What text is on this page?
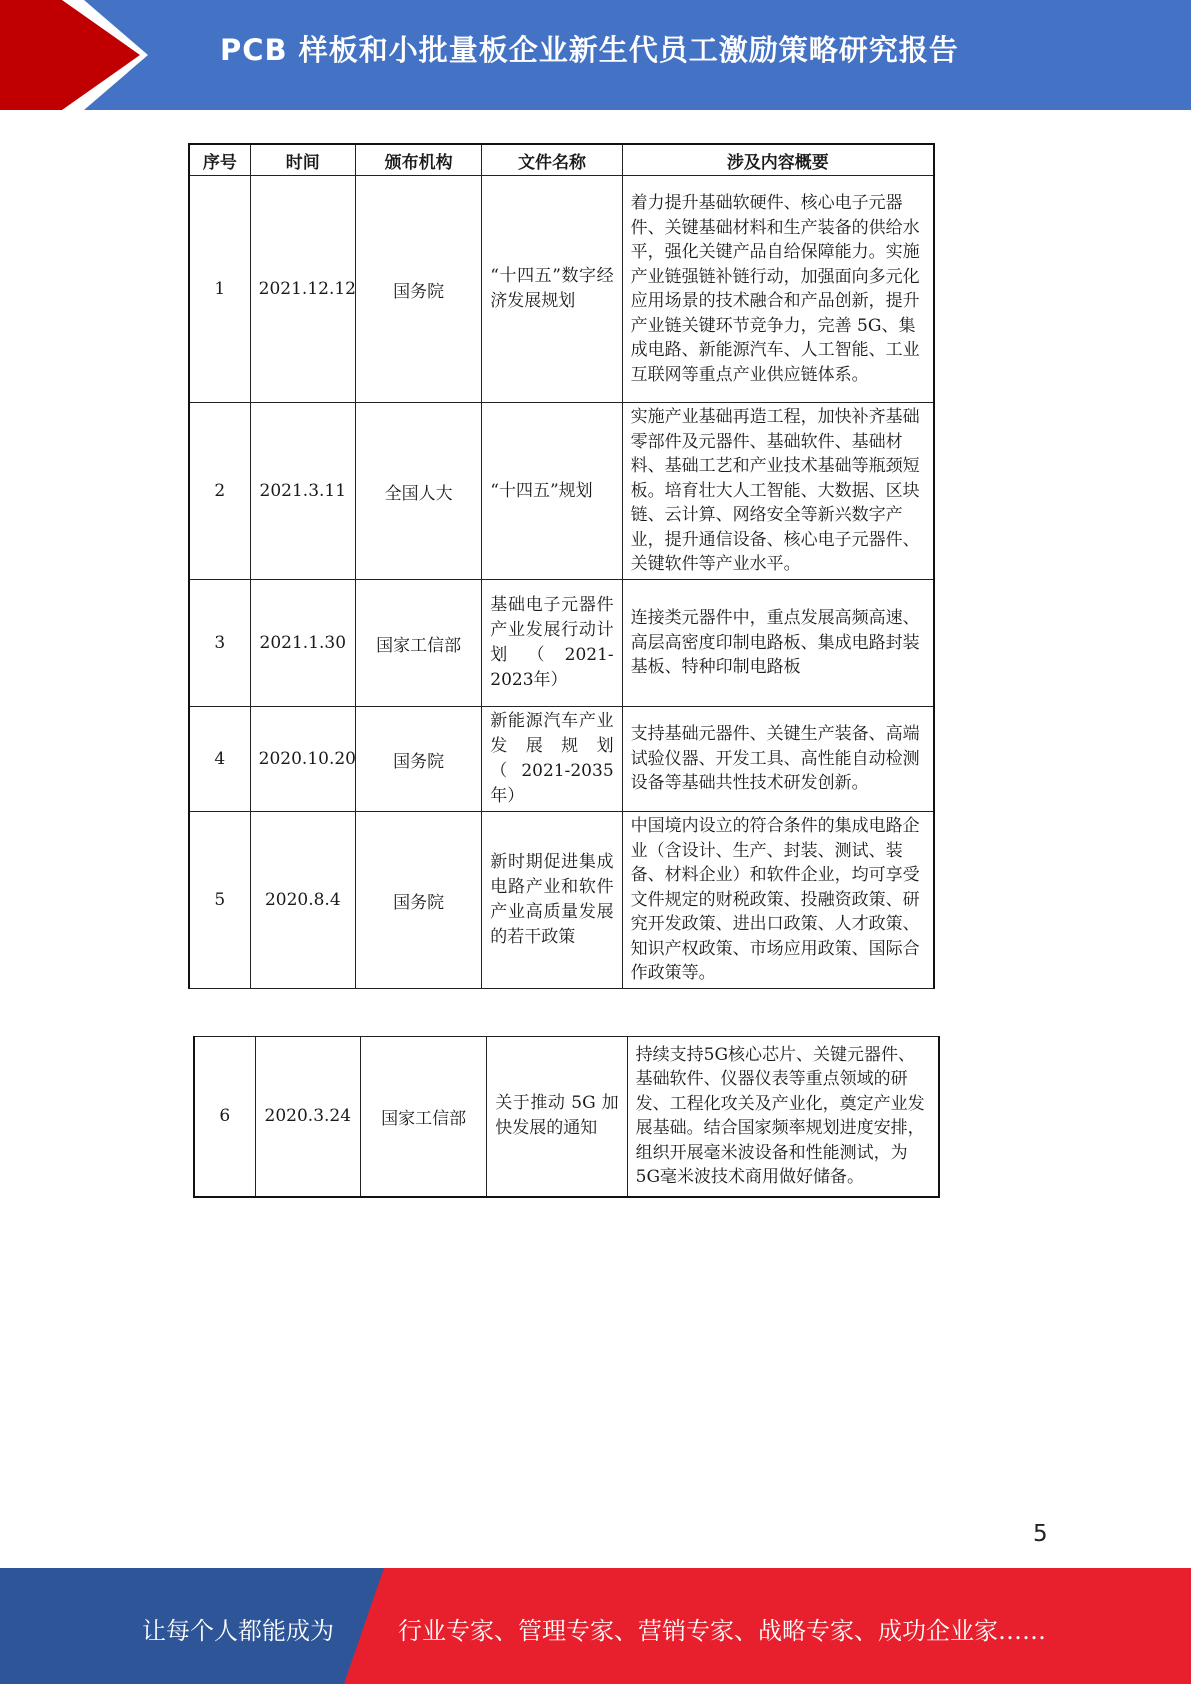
PCB 样板和小批量板企业新生代员工激励策略研究报告
序号	时间	颁布机构	文件名称	涉及内容概要
1	2021.12.12	国务院	“十四五”数字经济发展规划	着力提升基础软硬件、核心电子元器件、关键基础材料和生产装备的供给水平，强化关键产品自给保障能力。实施产业链强链补链行动，加强面向多元化应用场景的技术融合和产品创新，提升产业链关键环节竞争力，完善 5G、集成电路、新能源汽车、人工智能、工业互联网等重点产业供应链体系。
2	2021.3.11	全国人大	“十四五”规划	实施产业基础再造工程，加快补齐基础零部件及元器件、基础软件、基础材料、基础工艺和产业技术基础等瓶颈短板。培育壮大人工智能、大数据、区块链、云计算、网络安全等新兴数字产业，提升通信设备、核心电子元器件、关键软件等产业水平。
3	2021.1.30	国家工信部	基础电子元器件产业发展行动计划（2021-2023年）	连接类元器件中，重点发展高频高速、高层高密度印制电路板、集成电路封装基板、特种印制电路板
4	2020.10.20	国务院	新能源汽车产业发展规划（2021-2035年）	支持基础元器件、关键生产装备、高端试验仪器、开发工具、高性能自动检测设备等基础共性技术研发创新。
5	2020.8.4	国务院	新时期促进集成电路产业和软件产业高质量发展的若干政策	中国境内设立的符合条件的集成电路企业（含设计、生产、封装、测试、装备、材料企业）和软件企业，均可享受文件规定的财税政策、投融资政策、研究开发政策、进出口政策、人才政策、知识产权政策、市场应用政策、国际合作政策等。
6	2020.3.24	国家工信部	关于推动 5G 加快发展的通知	持续支持5G核心芯片、关键元器件、基础软件、仪器仪表等重点领域的研发、工程化攻关及产业化，奠定产业发展基础。结合国家频率规划进度安排，组织开展毫米波设备和性能测试，为5G毫米波技术商用做好储备。
5
让每个人都能成为	行业专家、管理专家、营销专家、战略专家、成功企业家……
